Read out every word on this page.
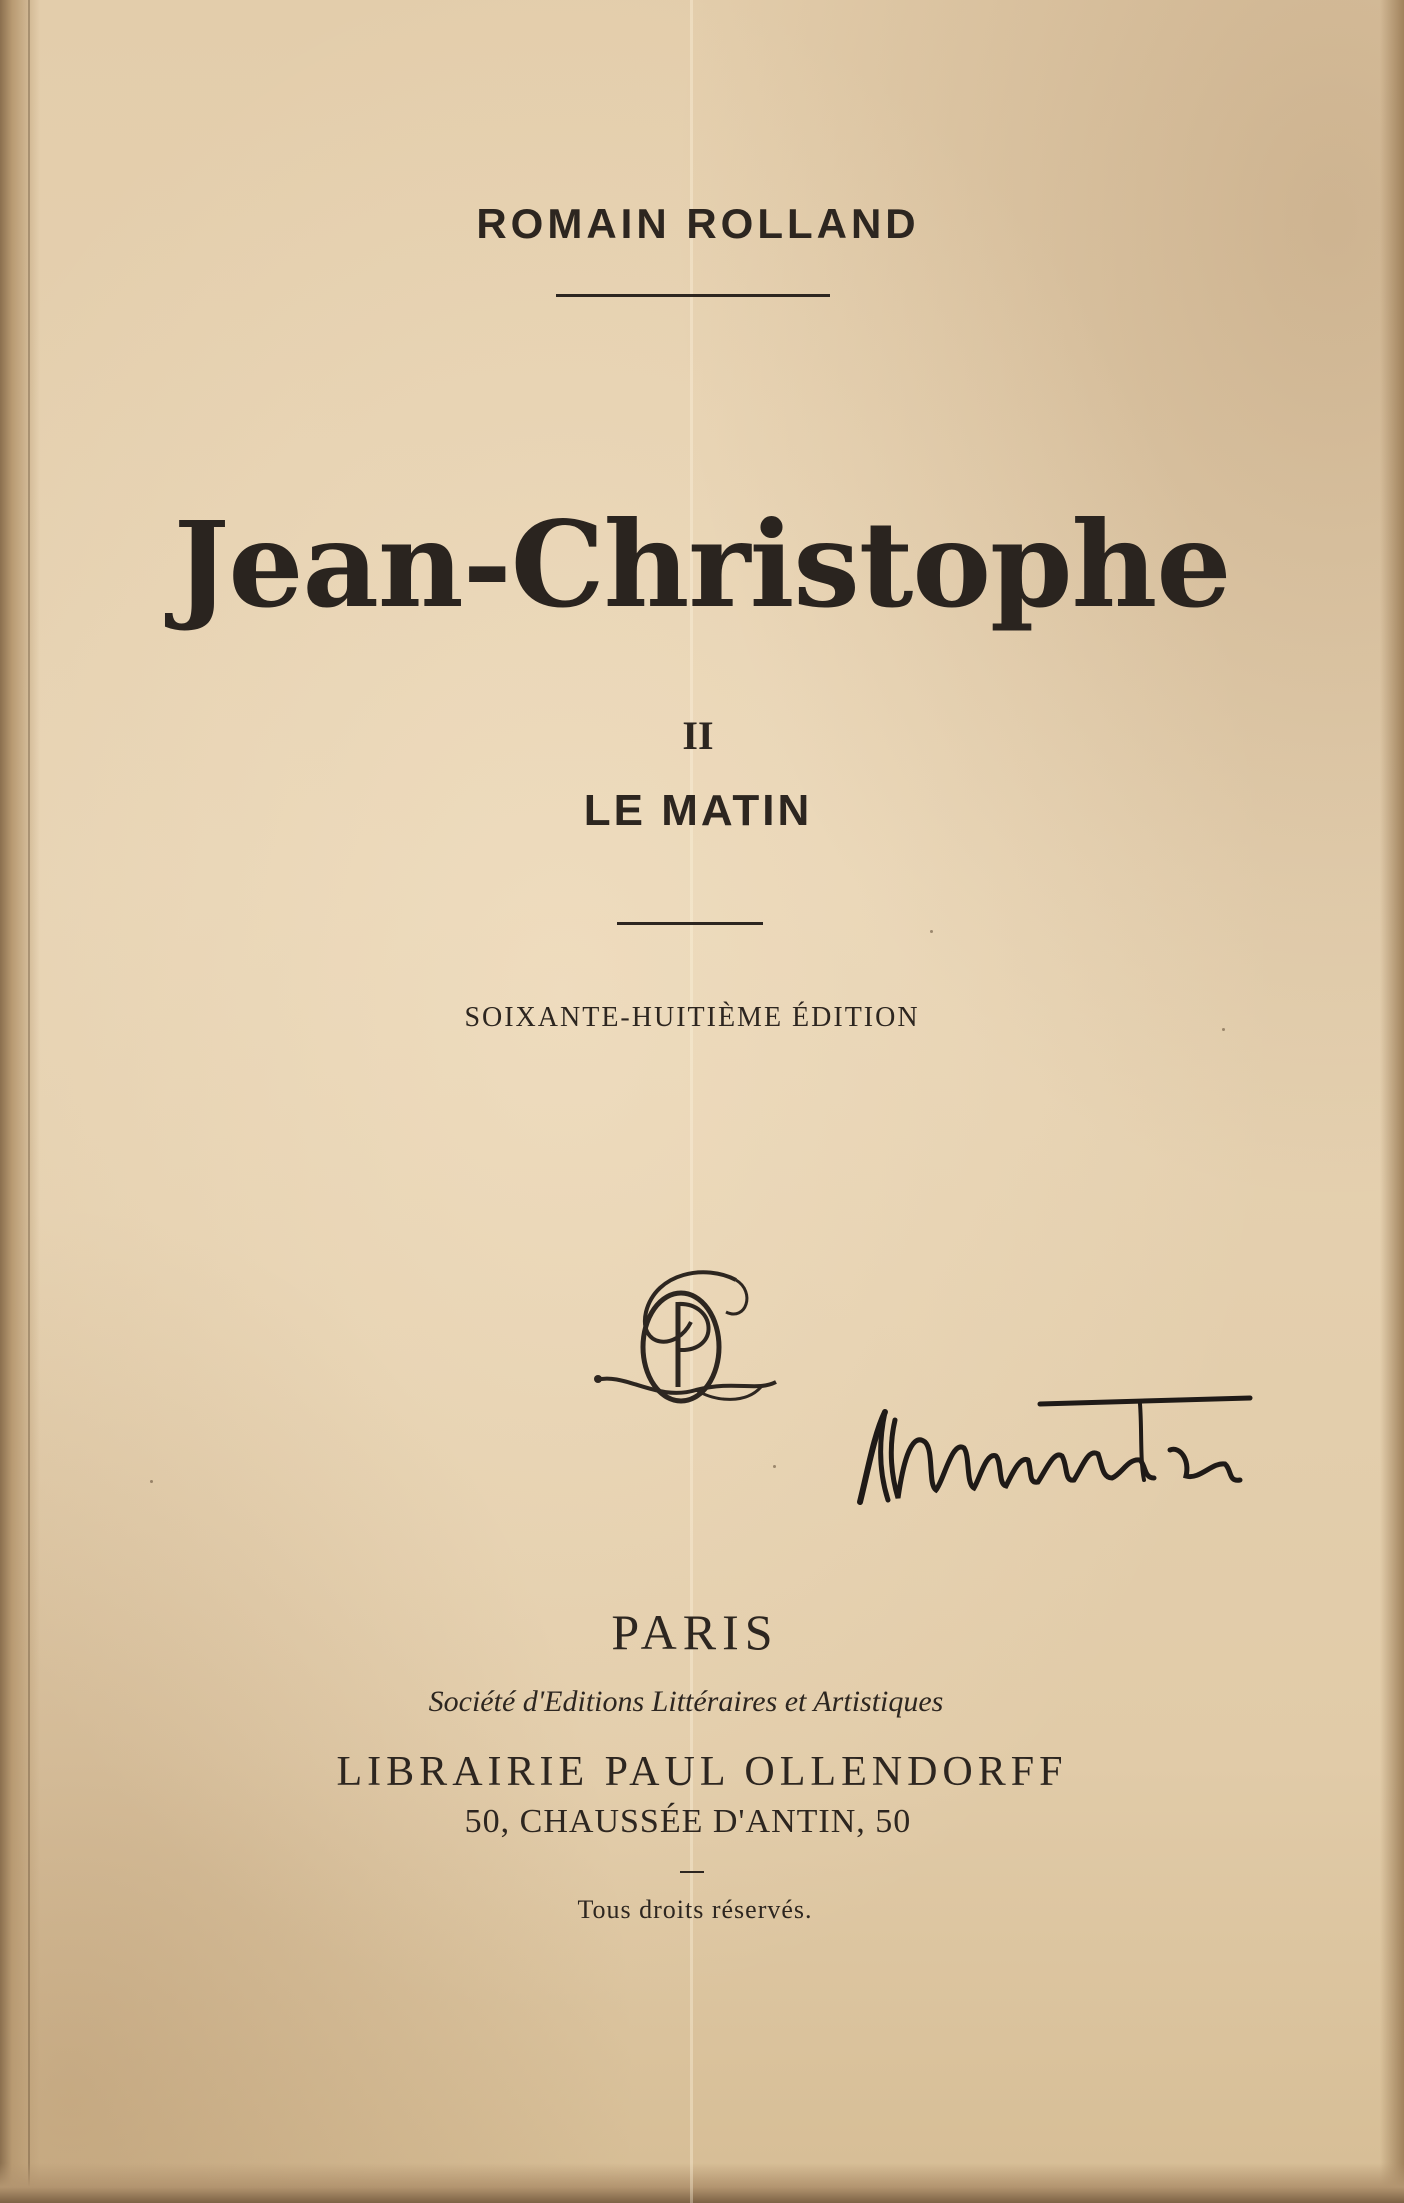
ROMAIN ROLLAND
Jean-Christophe
II
LE MATIN
SOIXANTE-HUITIÈME ÉDITION
PARIS
Société d'Editions Littéraires et Artistiques
LIBRAIRIE PAUL OLLENDORFF
50, CHAUSSÉE D'ANTIN, 50
Tous droits réservés.
